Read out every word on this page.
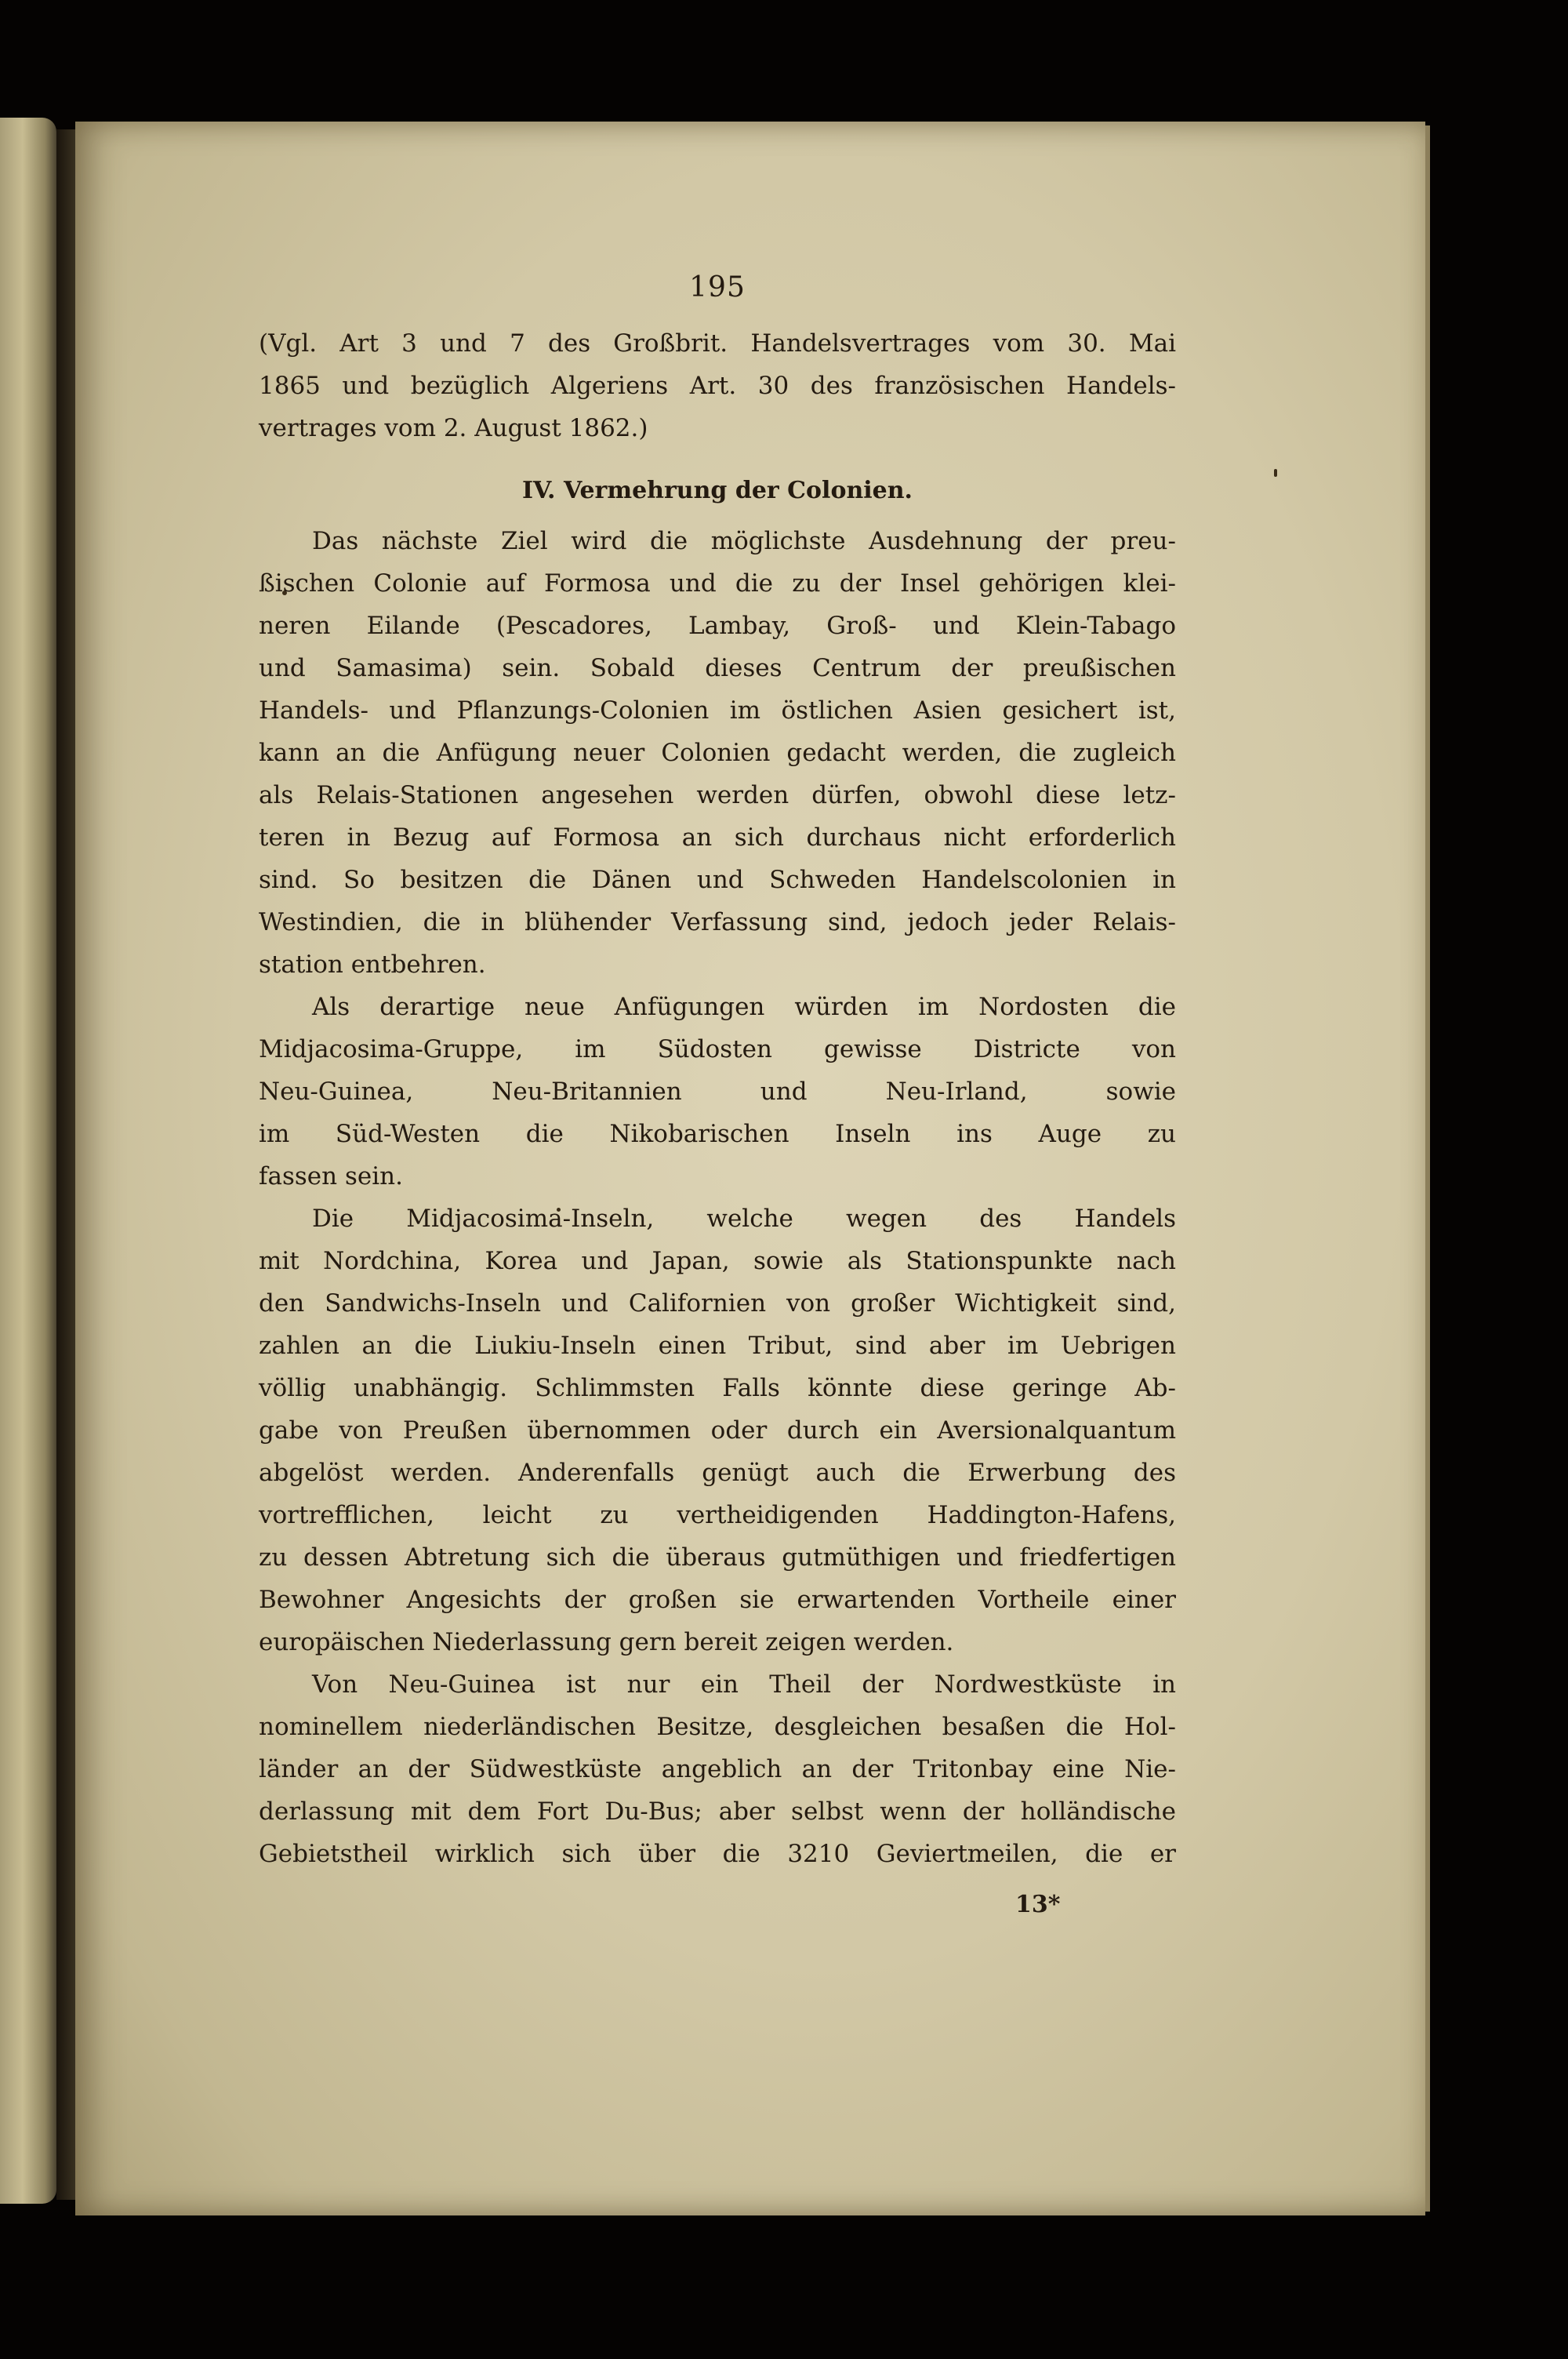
195
(Vgl. Art 3 und 7 des Großbrit. Handelsvertrages vom 30. Mai
1865 und bezüglich Algeriens Art. 30 des französischen Handels-
vertrages vom 2. August 1862.)
IV. Vermehrung der Colonien.
Das nächste Ziel wird die möglichste Ausdehnung der preu-
ßischen Colonie auf Formosa und die zu der Insel gehörigen klei-
neren Eilande (Pescadores, Lambay, Groß- und Klein-Tabago
und Samasima) sein. Sobald dieses Centrum der preußischen
Handels- und Pflanzungs-Colonien im östlichen Asien gesichert ist,
kann an die Anfügung neuer Colonien gedacht werden, die zugleich
als Relais-Stationen angesehen werden dürfen, obwohl diese letz-
teren in Bezug auf Formosa an sich durchaus nicht erforderlich
sind. So besitzen die Dänen und Schweden Handelscolonien in
Westindien, die in blühender Verfassung sind, jedoch jeder Relais-
station entbehren.
Als derartige neue Anfügungen würden im Nordosten die
Midjacosima-Gruppe, im Südosten gewisse Districte von
Neu-Guinea, Neu-Britannien und Neu-Irland, sowie
im Süd-Westen die Nikobarischen Inseln ins Auge zu
fassen sein.
Die Midjacosima-Inseln, welche wegen des Handels
mit Nordchina, Korea und Japan, sowie als Stationspunkte nach
den Sandwichs-Inseln und Californien von großer Wichtigkeit sind,
zahlen an die Liukiu-Inseln einen Tribut, sind aber im Uebrigen
völlig unabhängig. Schlimmsten Falls könnte diese geringe Ab-
gabe von Preußen übernommen oder durch ein Aversionalquantum
abgelöst werden. Anderenfalls genügt auch die Erwerbung des
vortrefflichen, leicht zu vertheidigenden Haddington-Hafens,
zu dessen Abtretung sich die überaus gutmüthigen und friedfertigen
Bewohner Angesichts der großen sie erwartenden Vortheile einer
europäischen Niederlassung gern bereit zeigen werden.
Von Neu-Guinea ist nur ein Theil der Nordwestküste in
nominellem niederländischen Besitze, desgleichen besaßen die Hol-
länder an der Südwestküste angeblich an der Tritonbay eine Nie-
derlassung mit dem Fort Du-Bus; aber selbst wenn der holländische
Gebietstheil wirklich sich über die 3210 Geviertmeilen, die er
13*
